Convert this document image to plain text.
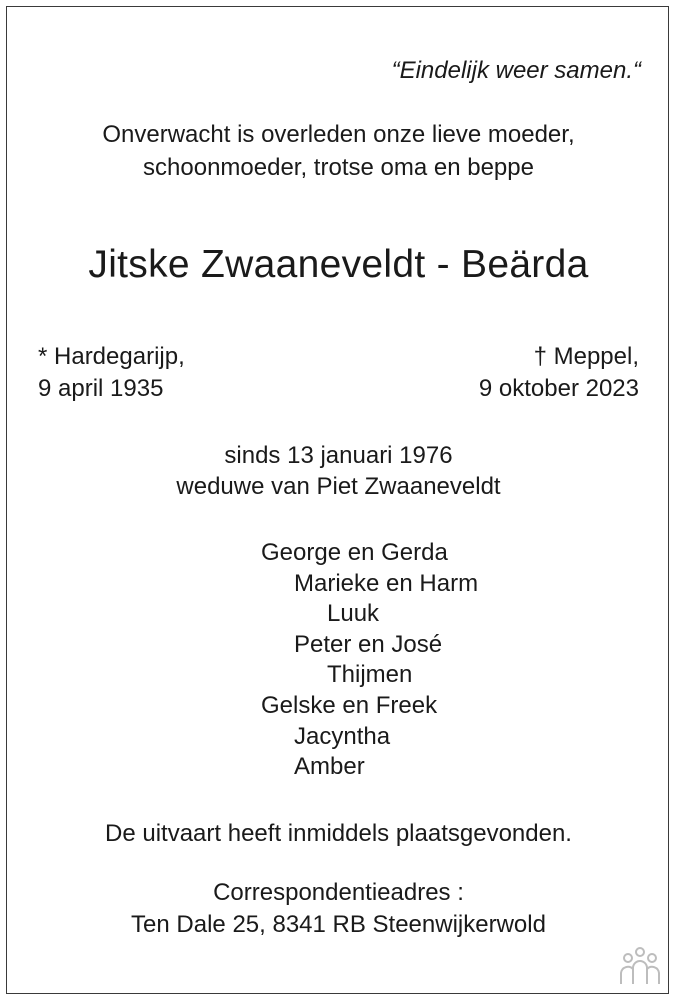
“Eindelijk weer samen.“
Onverwacht is overleden onze lieve moeder,
schoonmoeder, trotse oma en beppe
Jitske Zwaaneveldt - Beärda
* Hardegarijp,
9 april 1935
† Meppel,
9 oktober 2023
sinds 13 januari 1976
weduwe van Piet Zwaaneveldt
George en Gerda
Marieke en Harm
Luuk
Peter en José
Thijmen
Gelske en Freek
Jacyntha
Amber
De uitvaart heeft inmiddels plaatsgevonden.
Correspondentieadres :
Ten Dale 25, 8341 RB Steenwijkerwold
